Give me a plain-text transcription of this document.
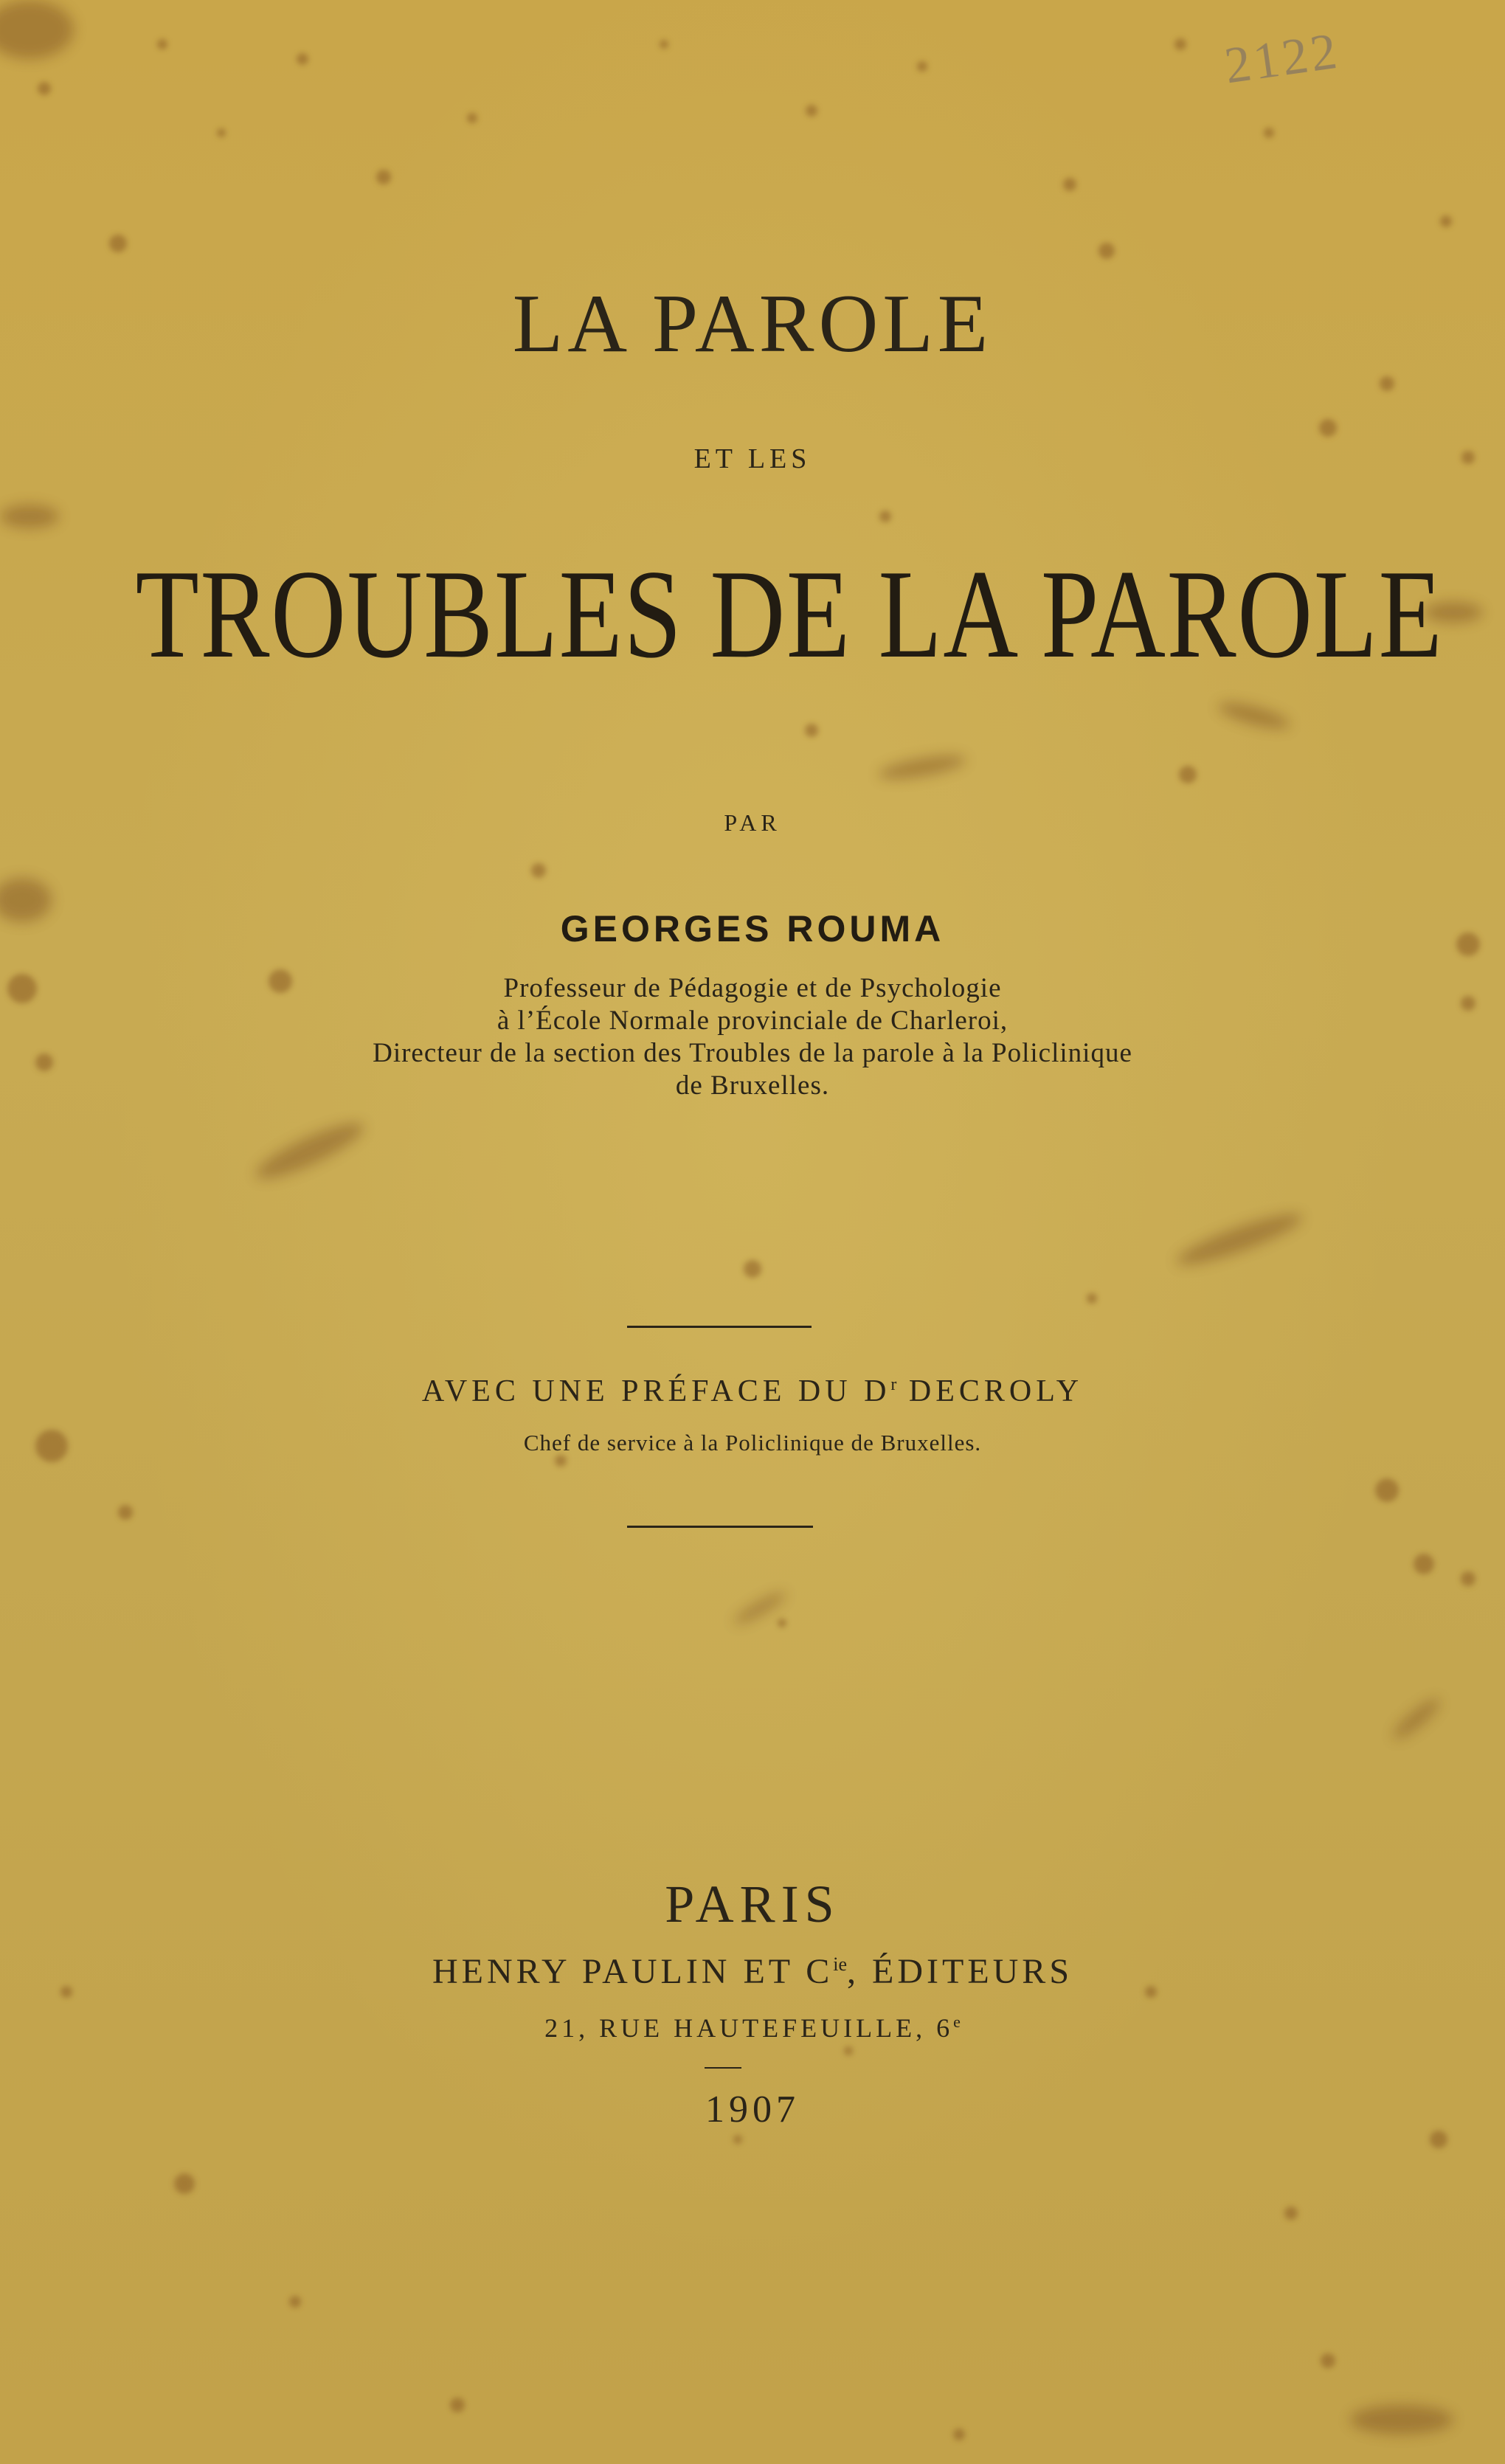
2122
LA PAROLE
ET LES
TROUBLES DE LA PAROLE
PAR
GEORGES ROUMA
Professeur de Pédagogie et de Psychologie
à l’École Normale provinciale de Charleroi,
Directeur de la section des Troubles de la parole à la Policlinique
de Bruxelles.
AVEC UNE PRÉFACE DU $D^r$ DECROLY
Chef de service à la Policlinique de Bruxelles.
PARIS
HENRY PAULIN ET $C^{ie}$, ÉDITEURS
21, RUE HAUTEFEUILLE, 6e
1907
